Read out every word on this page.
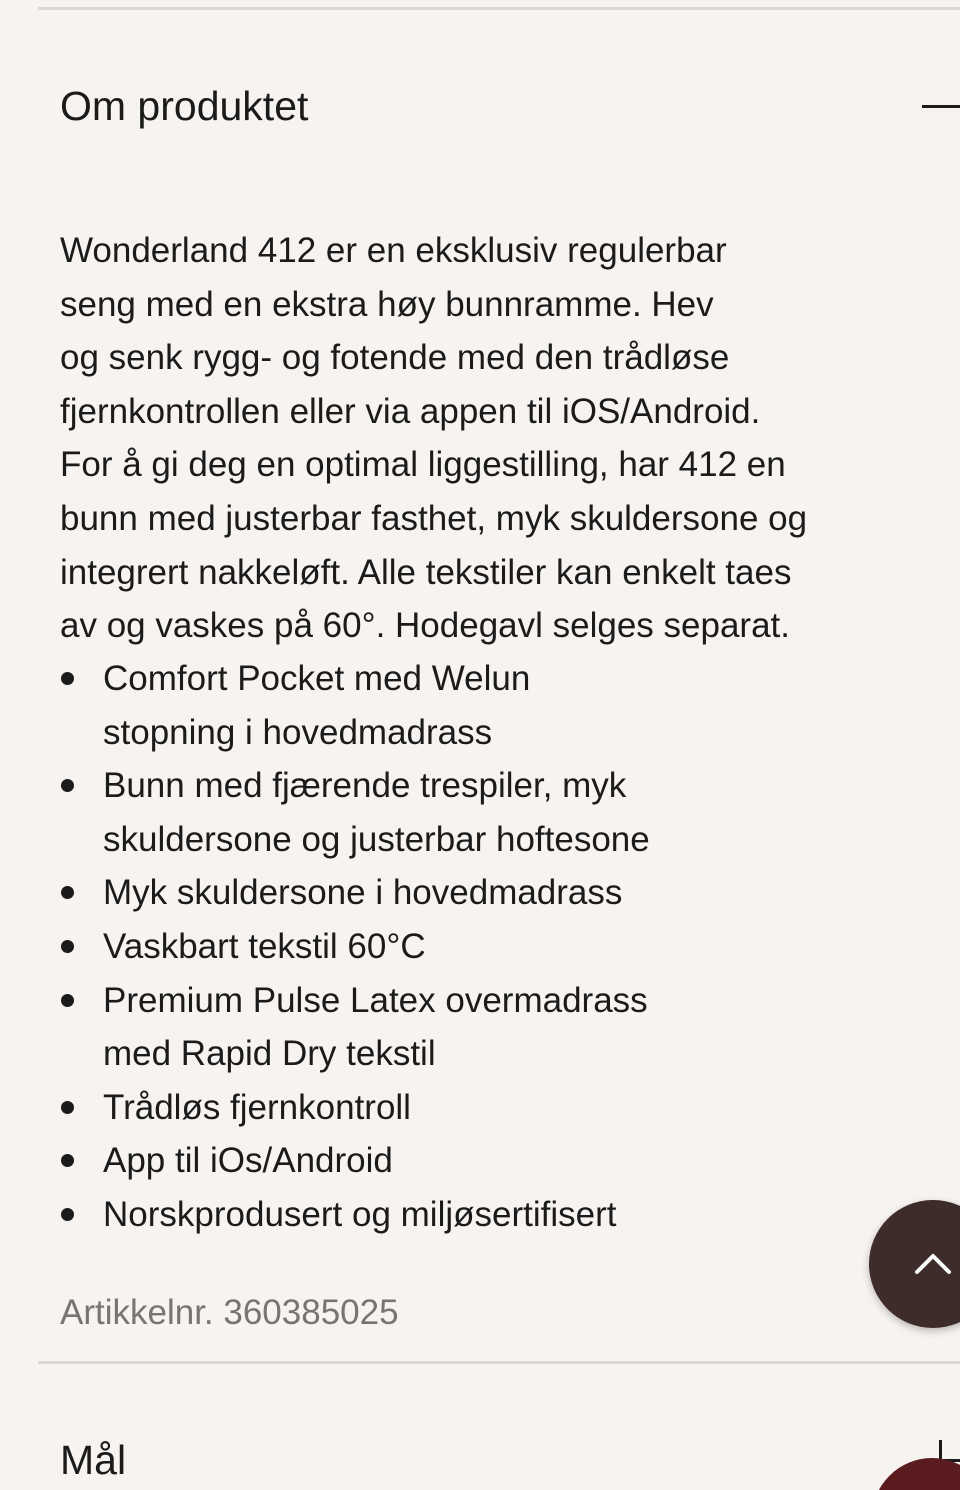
Om produktet
Wonderland 412 er en eksklusiv regulerbar
seng med en ekstra høy bunnramme. Hev
og senk rygg- og fotende med den trådløse
fjernkontrollen eller via appen til iOS/Android.
For å gi deg en optimal liggestilling, har 412 en
bunn med justerbar fasthet, myk skuldersone og
integrert nakkeløft. Alle tekstiler kan enkelt taes
av og vaskes på 60°. Hodegavl selges separat.
Comfort Pocket med Welun
stopning i hovedmadrass
Bunn med fjærende trespiler, myk
skuldersone og justerbar hoftesone
Myk skuldersone i hovedmadrass
Vaskbart tekstil 60°C
Premium Pulse Latex overmadrass
med Rapid Dry tekstil
Trådløs fjernkontroll
App til iOs/Android
Norskprodusert og miljøsertifisert
Artikkelnr. 360385025
Mål
